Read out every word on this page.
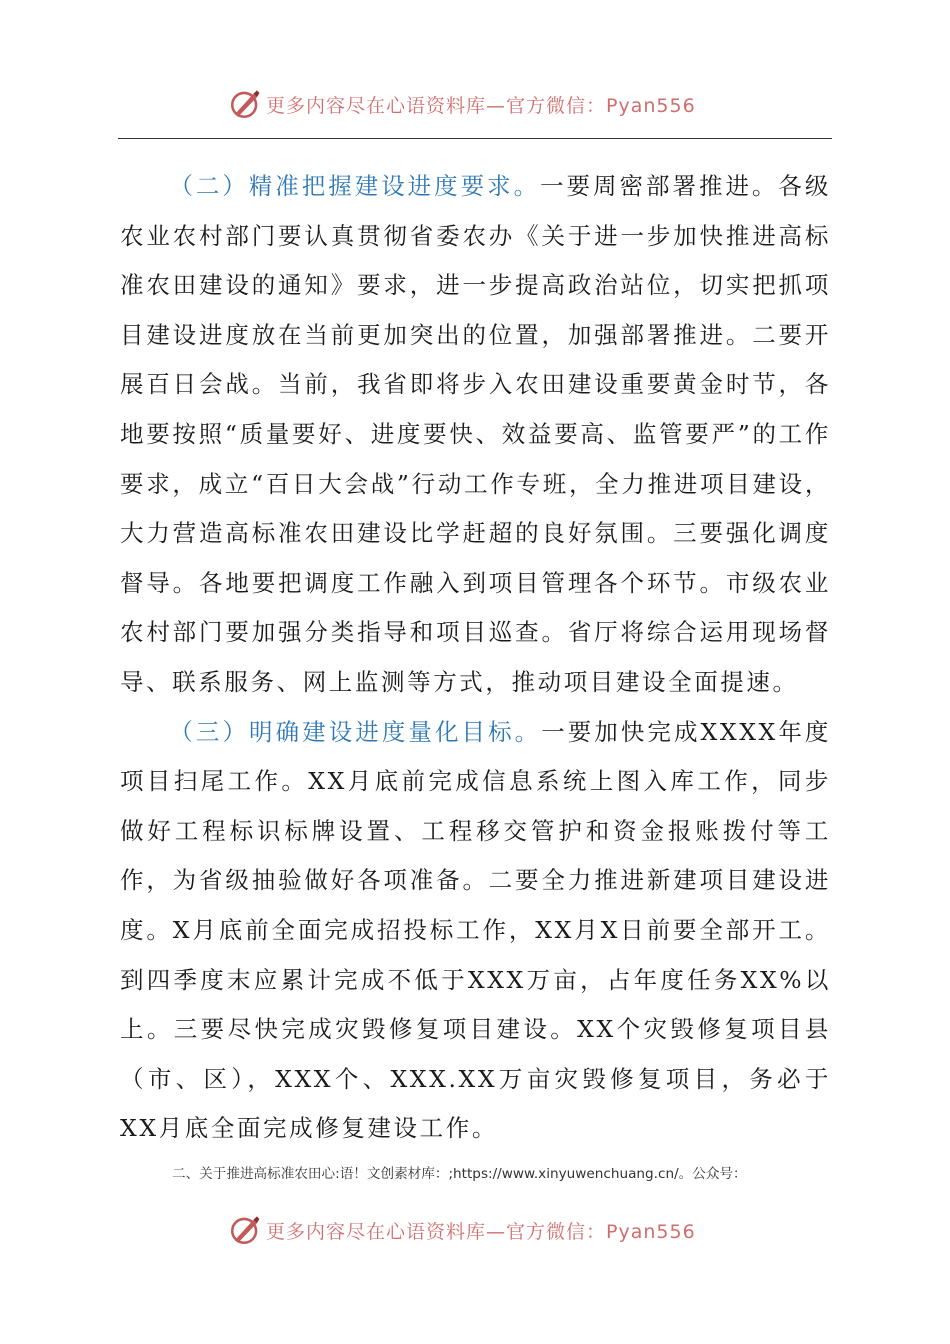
更多内容尽在心语资料库—官方微信：Pyan556

（二）精准把握建设进度要求。一要周密部署推进。各级农业农村部门要认真贯彻省委农办《关于进一步加快推进高标准农田建设的通知》要求，进一步提高政治站位，切实把抓项目建设进度放在当前更加突出的位置，加强部署推进。二要开展百日会战。当前，我省即将步入农田建设重要黄金时节，各地要按照“质量要好、进度要快、效益要高、监管要严”的工作要求，成立“百日大会战”行动工作专班，全力推进项目建设，大力营造高标准农田建设比学赶超的良好氛围。三要强化调度督导。各地要把调度工作融入到项目管理各个环节。市级农业农村部门要加强分类指导和项目巡查。省厅将综合运用现场督导、联系服务、网上监测等方式，推动项目建设全面提速。

（三）明确建设进度量化目标。一要加快完成XXXX年度项目扫尾工作。XX月底前完成信息系统上图入库工作，同步做好工程标识标牌设置、工程移交管护和资金报账拨付等工作，为省级抽验做好各项准备。二要全力推进新建项目建设进度。X月底前全面完成招投标工作，XX月X日前要全部开工。到四季度末应累计完成不低于XXX万亩，占年度任务XX%以上。三要尽快完成灾毁修复项目建设。XX个灾毁修复项目县（市、区），XXX个、XXX.XX万亩灾毁修复项目，务必于XX月底全面完成修复建设工作。

二、关于推进高标准农田心:语！文创素材库：;https://www.xinyuwenchuang.cn/。公众号：
更多内容尽在心语资料库—官方微信：Pyan556
